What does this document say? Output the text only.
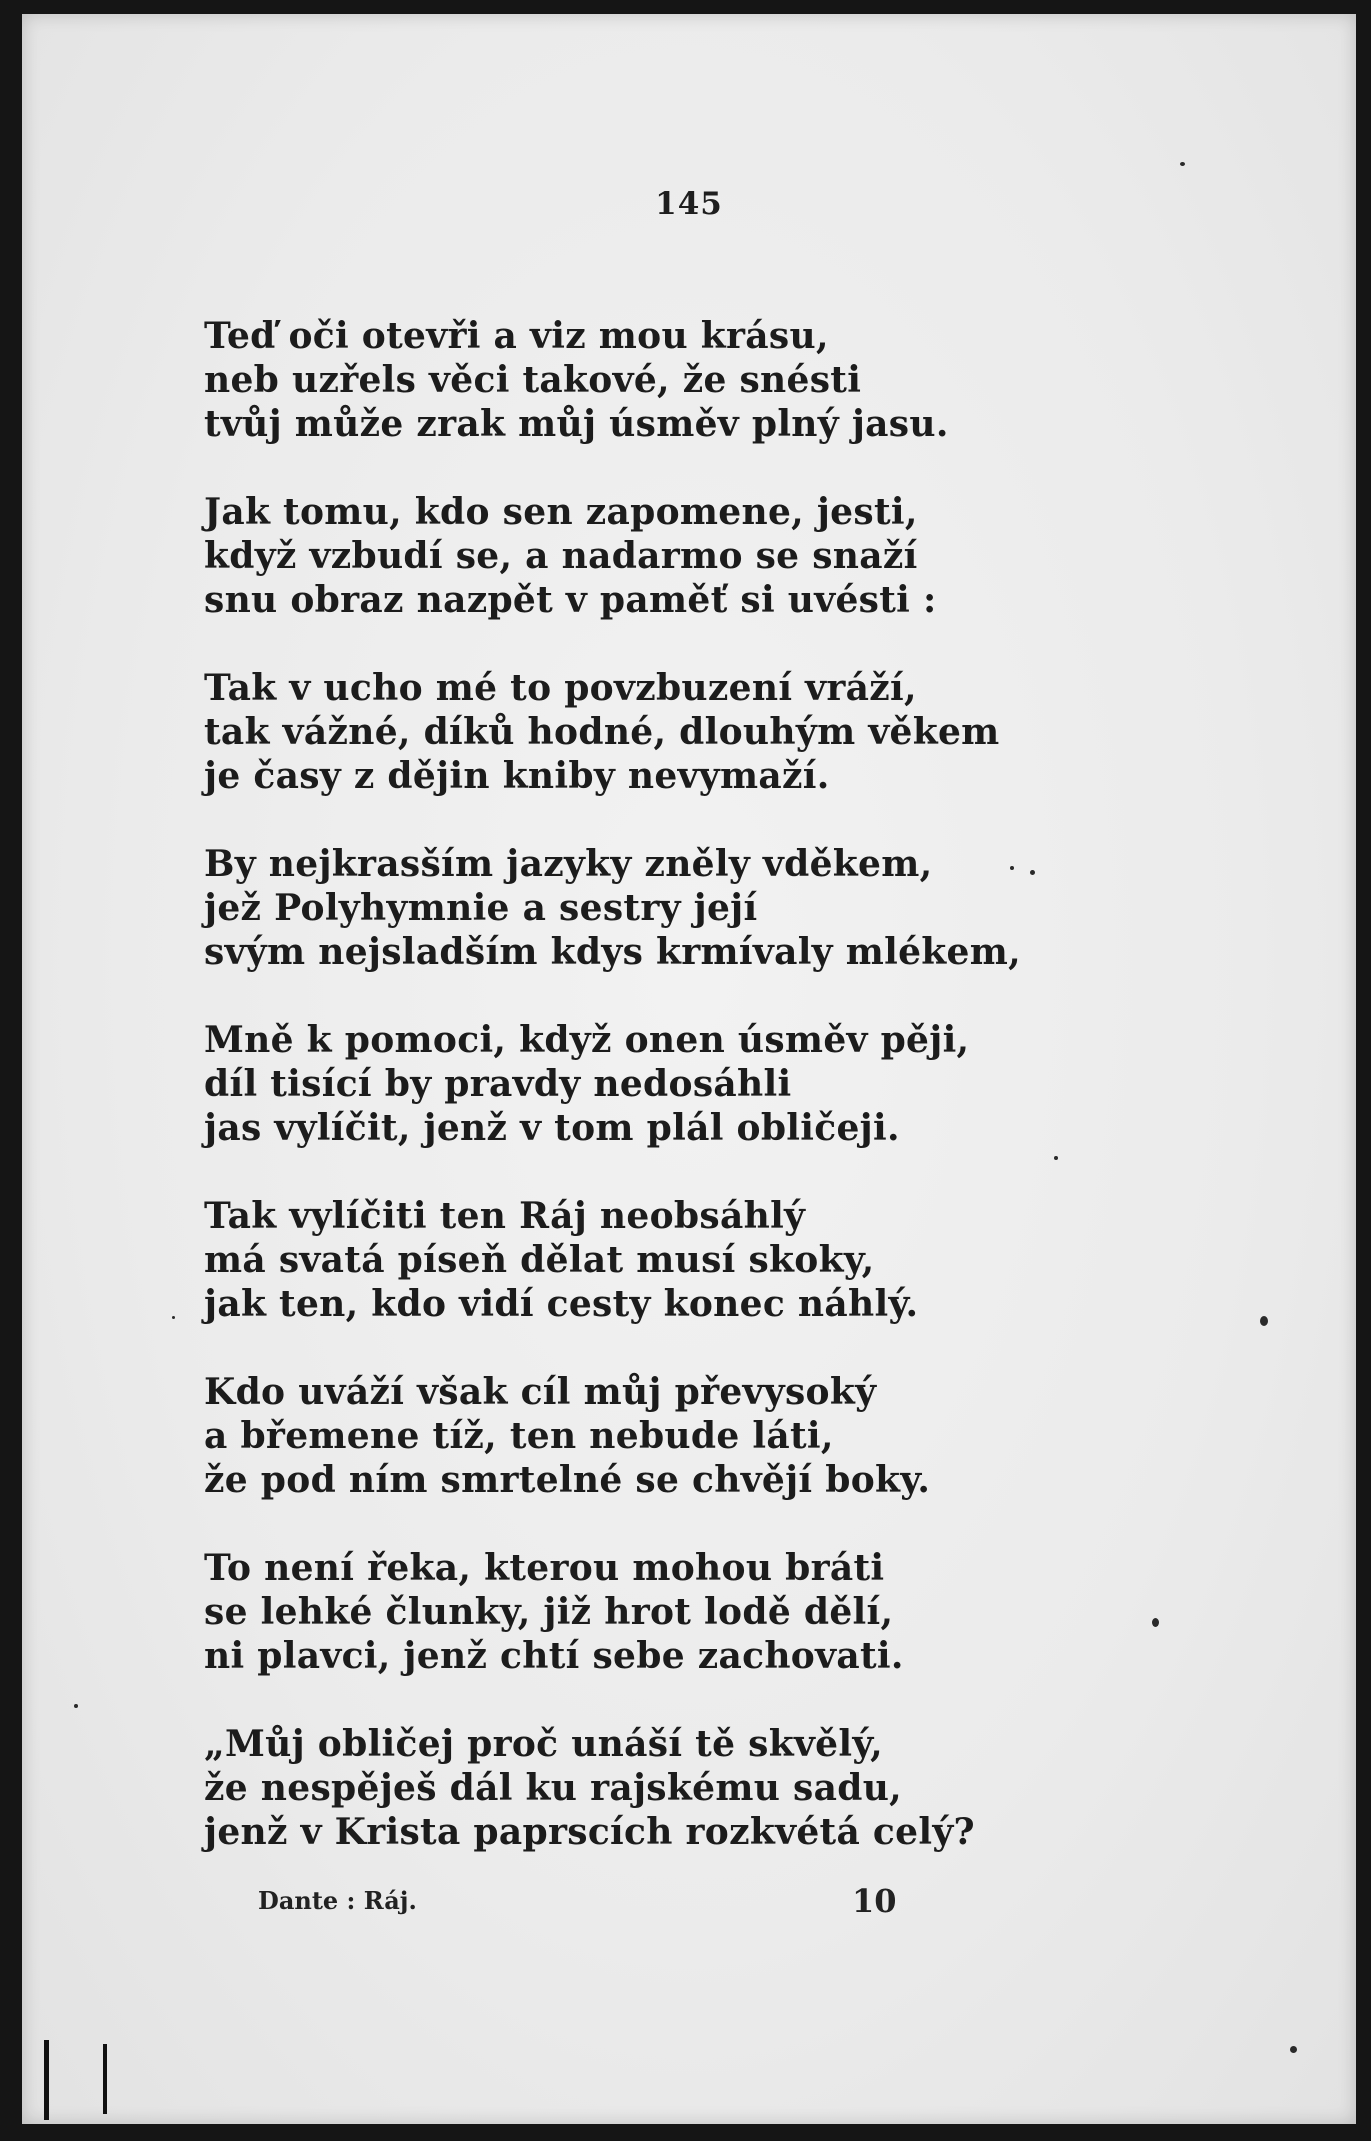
145
Teď oči otevři a viz mou krásu,
neb uzřels věci takové, že snésti
tvůj může zrak můj úsměv plný jasu.
Jak tomu, kdo sen zapomene, jesti,
když vzbudí se, a nadarmo se snaží
snu obraz nazpět v paměť si uvésti :
Tak v ucho mé to povzbuzení vráží,
tak vážné, díků hodné, dlouhým věkem
je časy z dějin kniby nevymaží.
By nejkrasším jazyky zněly vděkem,
jež Polyhymnie a sestry její
svým nejsladším kdys krmívaly mlékem,
Mně k pomoci, když onen úsměv pěji,
díl tisící by pravdy nedosáhli
jas vylíčit, jenž v tom plál obličeji.
Tak vylíčiti ten Ráj neobsáhlý
má svatá píseň dělat musí skoky,
jak ten, kdo vidí cesty konec náhlý.
Kdo uváží však cíl můj převysoký
a břemene tíž, ten nebude láti,
že pod ním smrtelné se chvějí boky.
To není řeka, kterou mohou bráti
se lehké člunky, již hrot lodě dělí,
ni plavci, jenž chtí sebe zachovati.
„Můj obličej proč unáší tě skvělý,
že nespěješ dál ku rajskému sadu,
jenž v Krista paprscích rozkvétá celý?
Dante : Ráj.	10
